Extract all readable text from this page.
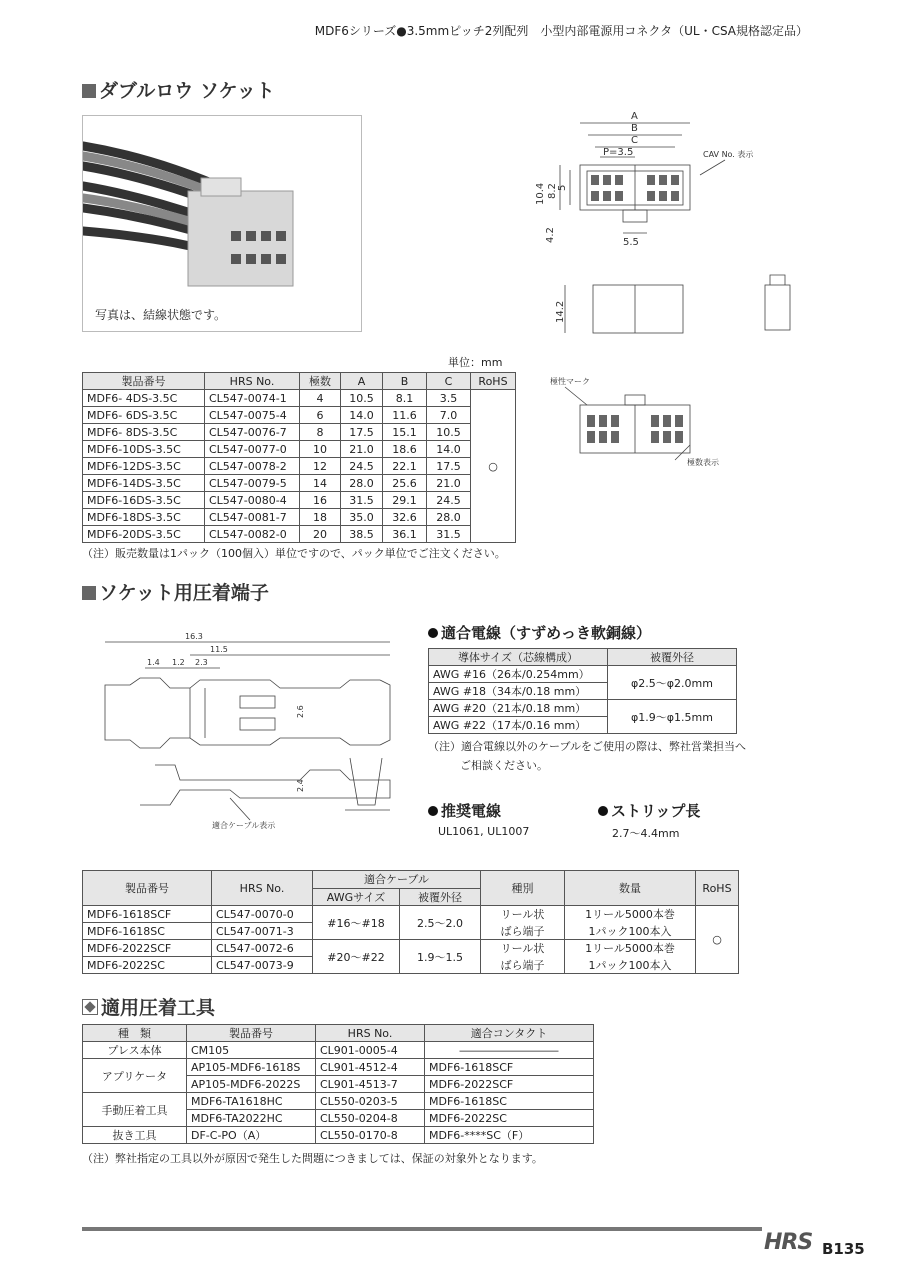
MDF6シリーズ●3.5mmピッチ2列配列　小型内部電源用コネクタ（UL・CSA規格認定品）
ダブルロウ ソケット
写真は、結線状態です。
A
B
C
P=3.5	CAV No. 表示
5.5
10.4 8.2 5
4.2
14.2
極性マーク
極数表示
単位：mm
製品番号	HRS No.	極数	A	B	C	RoHS
MDF6- 4DS-3.5C	CL547-0074-1	4	10.5	8.1	3.5	○
MDF6- 6DS-3.5C	CL547-0075-4	6	14.0	11.6	7.0	
MDF6- 8DS-3.5C	CL547-0076-7	8	17.5	15.1	10.5	
MDF6-10DS-3.5C	CL547-0077-0	10	21.0	18.6	14.0	
MDF6-12DS-3.5C	CL547-0078-2	12	24.5	22.1	17.5	
MDF6-14DS-3.5C	CL547-0079-5	14	28.0	25.6	21.0	
MDF6-16DS-3.5C	CL547-0080-4	16	31.5	29.1	24.5	
MDF6-18DS-3.5C	CL547-0081-7	18	35.0	32.6	28.0	
MDF6-20DS-3.5C	CL547-0082-0	20	38.5	36.1	31.5	
（注）販売数量は1パック（100個入）単位ですので、パック単位でご注文ください。
ソケット用圧着端子
16.3
11.5
1.4 1.2 2.3
2.6
2.4
適合ケーブル表示
適合電線（すずめっき軟銅線）
導体サイズ（芯線構成）	被覆外径
AWG #16（26本/0.254mm）	φ2.5～φ2.0mm
AWG #18（34本/0.18 mm）	
AWG #20（21本/0.18 mm）	φ1.9～φ1.5mm
AWG #22（17本/0.16 mm）	
（注）適合電線以外のケーブルをご使用の際は、弊社営業担当へ
ご相談ください。
推奨電線
UL1061, UL1007
ストリップ長
2.7～4.4mm
製品番号	HRS No.	適合ケーブル		種別	数量	RoHS
		AWGサイズ	被覆外径			
MDF6-1618SCF	CL547-0070-0	#16～#18	2.5～2.0	リール状	1リール5000本巻	○
MDF6-1618SC	CL547-0071-3			ばら端子	1パック100本入	
MDF6-2022SCF	CL547-0072-6	#20～#22	1.9～1.5	リール状	1リール5000本巻	
MDF6-2022SC	CL547-0073-9			ばら端子	1パック100本入	
適用圧着工具
種　類	製品番号	HRS No.	適合コンタクト
プレス本体	CM105	CL901-0005-4	―――――――――
アプリケータ	AP105-MDF6-1618S	CL901-4512-4	MDF6-1618SCF
	AP105-MDF6-2022S	CL901-4513-7	MDF6-2022SCF
手動圧着工具	MDF6-TA1618HC	CL550-0203-5	MDF6-1618SC
	MDF6-TA2022HC	CL550-0204-8	MDF6-2022SC
抜き工具	DF-C-PO（A）	CL550-0170-8	MDF6-****SC（F）
（注）弊社指定の工具以外が原因で発生した問題につきましては、保証の対象外となります。
HRS B135
